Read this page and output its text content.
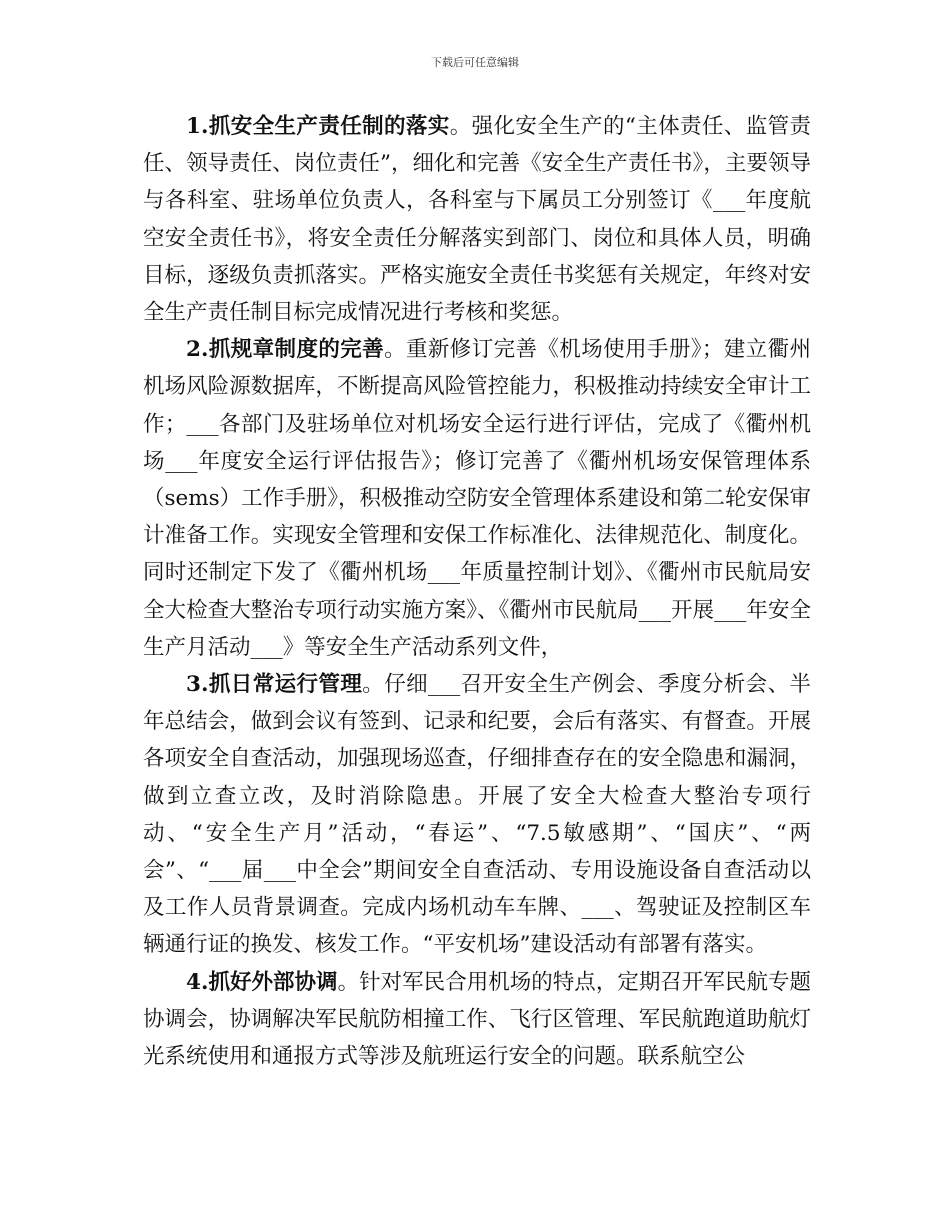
下载后可任意编辑

1.抓安全生产责任制的落实。强化安全生产的“主体责任、监管责任、领导责任、岗位责任”，细化和完善《安全生产责任书》，主要领导与各科室、驻场单位负责人，各科室与下属员工分别签订《___年度航空安全责任书》，将安全责任分解落实到部门、岗位和具体人员，明确目标，逐级负责抓落实。严格实施安全责任书奖惩有关规定，年终对安全生产责任制目标完成情况进行考核和奖惩。

2.抓规章制度的完善。重新修订完善《机场使用手册》；建立衢州机场风险源数据库，不断提高风险管控能力，积极推动持续安全审计工作；___各部门及驻场单位对机场安全运行进行评估，完成了《衢州机场___年度安全运行评估报告》；修订完善了《衢州机场安保管理体系（sems）工作手册》，积极推动空防安全管理体系建设和第二轮安保审计准备工作。实现安全管理和安保工作标准化、法律规范化、制度化。同时还制定下发了《衢州机场___年质量控制计划》、《衢州市民航局安全大检查大整治专项行动实施方案》、《衢州市民航局___开展___年安全生产月活动___》等安全生产活动系列文件，

3.抓日常运行管理。仔细___召开安全生产例会、季度分析会、半年总结会，做到会议有签到、记录和纪要，会后有落实、有督查。开展各项安全自查活动，加强现场巡查，仔细排查存在的安全隐患和漏洞，做到立查立改，及时消除隐患。开展了安全大检查大整治专项行动、“安全生产月”活动，“春运”、“7.5敏感期”、“国庆”、“两会”、“___届___中全会”期间安全自查活动、专用设施设备自查活动以及工作人员背景调查。完成内场机动车车牌、___、驾驶证及控制区车辆通行证的换发、核发工作。“平安机场”建设活动有部署有落实。

4.抓好外部协调。针对军民合用机场的特点，定期召开军民航专题协调会，协调解决军民航防相撞工作、飞行区管理、军民航跑道助航灯光系统使用和通报方式等涉及航班运行安全的问题。联系航空公
